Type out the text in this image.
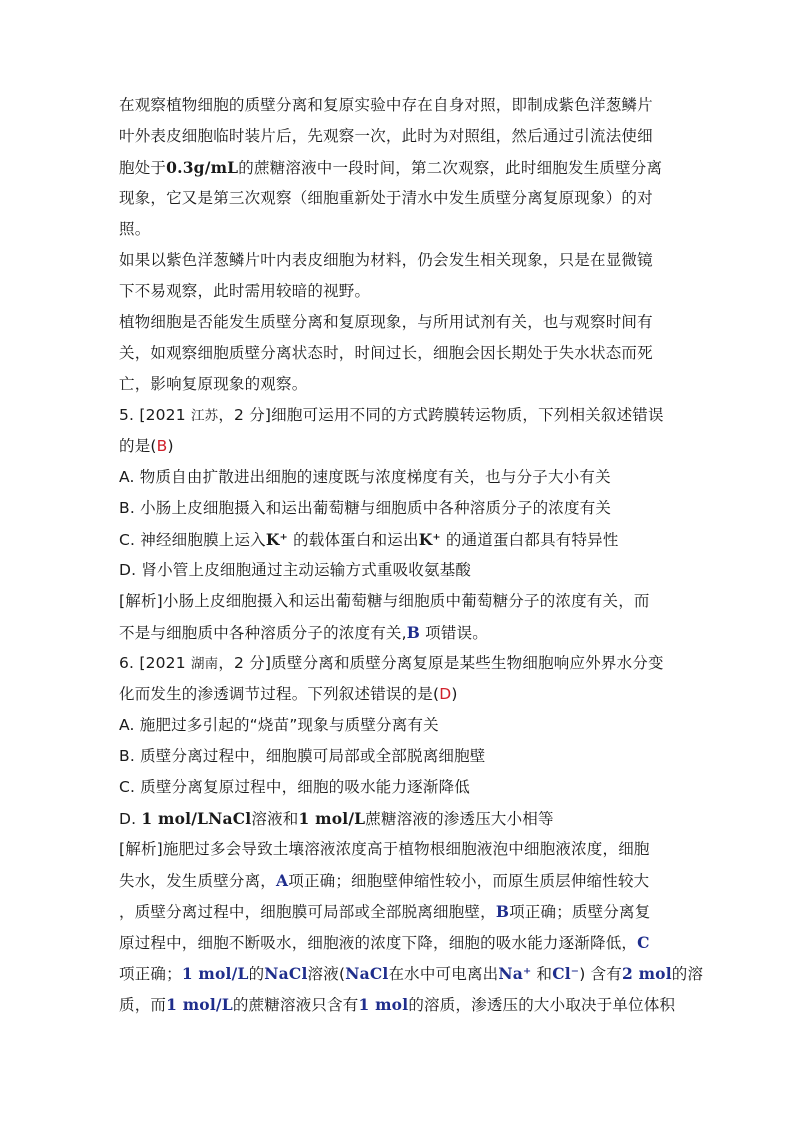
在观察植物细胞的质壁分离和复原实验中存在自身对照，即制成紫色洋葱鳞片
叶外表皮细胞临时装片后，先观察一次，此时为对照组，然后通过引流法使细
胞处于0.3g/mL的蔗糖溶液中一段时间，第二次观察，此时细胞发生质壁分离
现象，它又是第三次观察（细胞重新处于清水中发生质壁分离复原现象）的对
照。
如果以紫色洋葱鳞片叶内表皮细胞为材料，仍会发生相关现象，只是在显微镜
下不易观察，此时需用较暗的视野。
植物细胞是否能发生质壁分离和复原现象，与所用试剂有关，也与观察时间有
关，如观察细胞质壁分离状态时，时间过长，细胞会因长期处于失水状态而死
亡，影响复原现象的观察。
5. [2021 江苏，2 分]细胞可运用不同的方式跨膜转运物质，下列相关叙述错误
的是(B)
A. 物质自由扩散进出细胞的速度既与浓度梯度有关，也与分子大小有关
B. 小肠上皮细胞摄入和运出葡萄糖与细胞质中各种溶质分子的浓度有关
C. 神经细胞膜上运入K⁺ 的载体蛋白和运出K⁺ 的通道蛋白都具有特异性
D. 肾小管上皮细胞通过主动运输方式重吸收氨基酸
[解析]小肠上皮细胞摄入和运出葡萄糖与细胞质中葡萄糖分子的浓度有关，而
不是与细胞质中各种溶质分子的浓度有关,B 项错误。
6. [2021 湖南，2 分]质壁分离和质壁分离复原是某些生物细胞响应外界水分变
化而发生的渗透调节过程。下列叙述错误的是(D)
A. 施肥过多引起的“烧苗”现象与质壁分离有关
B. 质壁分离过程中，细胞膜可局部或全部脱离细胞壁
C. 质壁分离复原过程中，细胞的吸水能力逐渐降低
D. 1 mol/LNaCl溶液和1 mol/L蔗糖溶液的渗透压大小相等
[解析]施肥过多会导致土壤溶液浓度高于植物根细胞液泡中细胞液浓度，细胞
失水，发生质壁分离，A项正确；细胞壁伸缩性较小，而原生质层伸缩性较大
，质壁分离过程中，细胞膜可局部或全部脱离细胞壁，B项正确；质壁分离复
原过程中，细胞不断吸水，细胞液的浓度下降，细胞的吸水能力逐渐降低，C
项正确；1 mol/L的NaCl溶液(NaCl在水中可电离出Na⁺ 和Cl⁻) 含有2 mol的溶
质，而1 mol/L的蔗糖溶液只含有1 mol的溶质，渗透压的大小取决于单位体积
